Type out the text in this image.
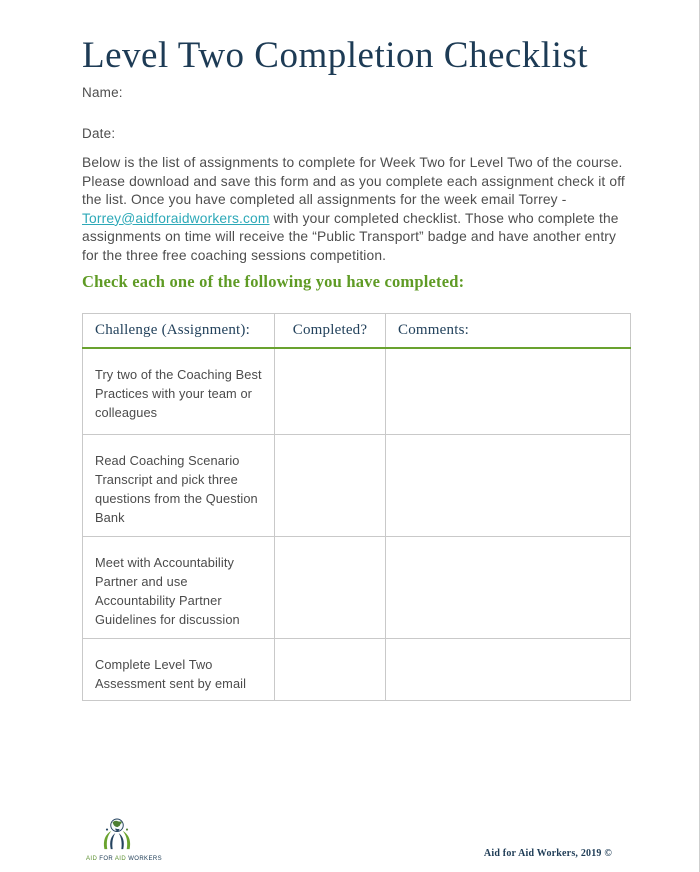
Level Two Completion Checklist
Name:
Date:

Below is the list of assignments to complete for Week Two for Level Two of the course. Please download and save this form and as you complete each assignment check it off the list. Once you have completed all assignments for the week email Torrey - Torrey@aidforaidworkers.com with your completed checklist. Those who complete the assignments on time will receive the “Public Transport” badge and have another entry for the three free coaching sessions competition.

Check each one of the following you have completed:
Challenge (Assignment):	Completed?	Comments:
Try two of the Coaching Best Practices with your team or colleagues		
Read Coaching Scenario Transcript and pick three questions from the Question Bank		
Meet with Accountability Partner and use Accountability Partner Guidelines for discussion		
Complete Level Two Assessment sent by email		
AID FOR AID WORKERS	Aid for Aid Workers, 2019 ©
